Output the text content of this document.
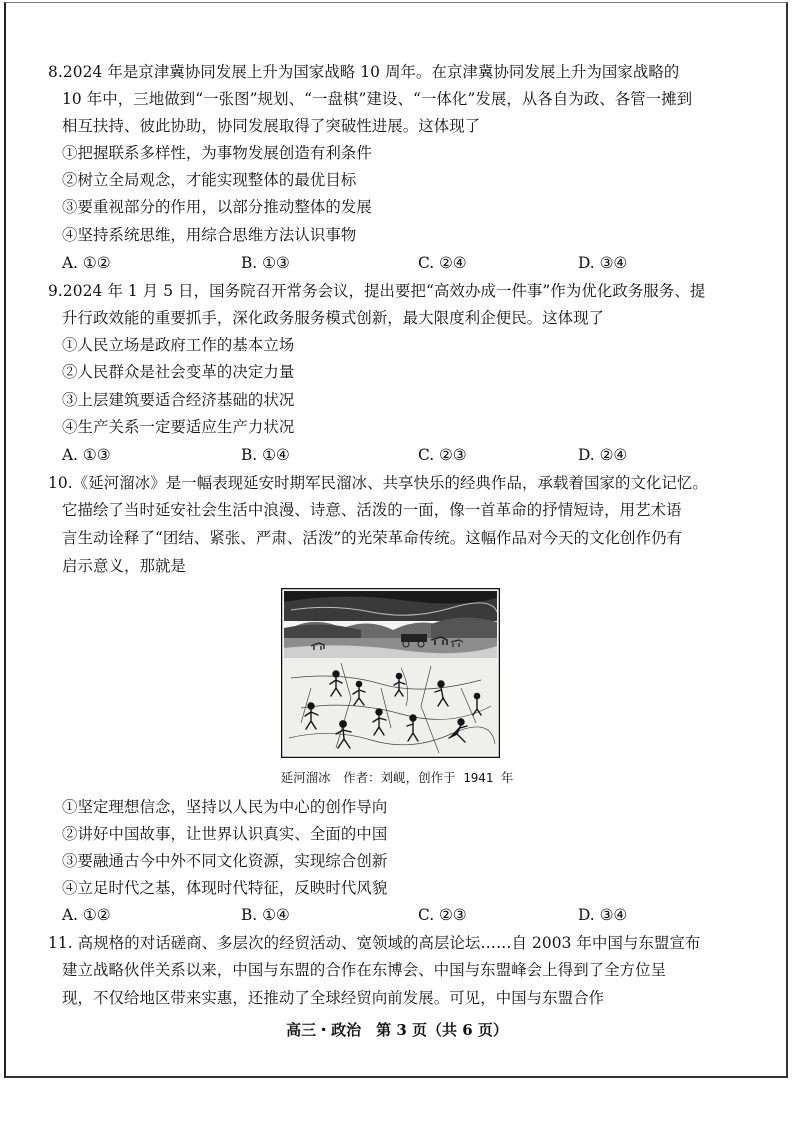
8.2024 年是京津冀协同发展上升为国家战略 10 周年。在京津冀协同发展上升为国家战略的
10 年中，三地做到“一张图”规划、“一盘棋”建设、“一体化”发展，从各自为政、各管一摊到
相互扶持、彼此协助，协同发展取得了突破性进展。这体现了
①把握联系多样性，为事物发展创造有利条件
②树立全局观念，才能实现整体的最优目标
③要重视部分的作用，以部分推动整体的发展
④坚持系统思维，用综合思维方法认识事物
A. ①②	B. ①③	C. ②④	D. ③④
9.2024 年 1 月 5 日，国务院召开常务会议，提出要把“高效办成一件事”作为优化政务服务、提
升行政效能的重要抓手，深化政务服务模式创新，最大限度利企便民。这体现了
①人民立场是政府工作的基本立场
②人民群众是社会变革的决定力量
③上层建筑要适合经济基础的状况
④生产关系一定要适应生产力状况
A. ①③	B. ①④	C. ②③	D. ②④
10.《延河溜冰》是一幅表现延安时期军民溜冰、共享快乐的经典作品，承载着国家的文化记忆。
它描绘了当时延安社会生活中浪漫、诗意、活泼的一面，像一首革命的抒情短诗，用艺术语
言生动诠释了“团结、紧张、严肃、活泼”的光荣革命传统。这幅作品对今天的文化创作仍有
启示意义，那就是
延河溜冰　作者：刘岘，创作于 1941 年
①坚定理想信念，坚持以人民为中心的创作导向
②讲好中国故事，让世界认识真实、全面的中国
③要融通古今中外不同文化资源，实现综合创新
④立足时代之基，体现时代特征，反映时代风貌
A. ①②	B. ①④	C. ②③	D. ③④
11. 高规格的对话磋商、多层次的经贸活动、宽领域的高层论坛……自 2003 年中国与东盟宣布
建立战略伙伴关系以来，中国与东盟的合作在东博会、中国与东盟峰会上得到了全方位呈
现，不仅给地区带来实惠，还推动了全球经贸向前发展。可见，中国与东盟合作
高三・政治　第 3 页（共 6 页）
